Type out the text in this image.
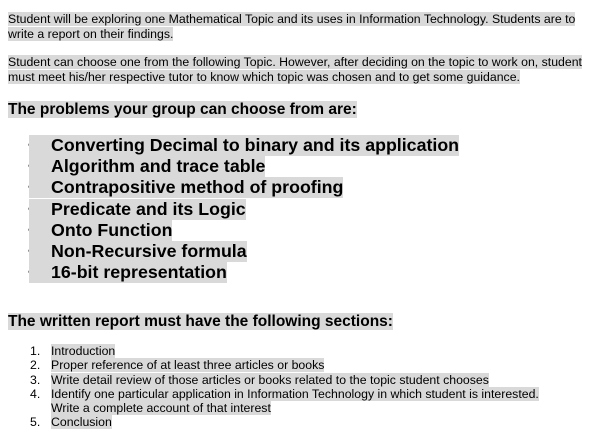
Student will be exploring one Mathematical Topic and its uses in Information Technology. Students are to write a report on their findings.
Student can choose one from the following Topic. However, after deciding on the topic to work on, student must meet his/her respective tutor to know which topic was chosen and to get some guidance.
The problems your group can choose from are:
Converting Decimal to binary and its application
Algorithm and trace table
Contrapositive method of proofing
Predicate and its Logic
Onto Function
Non-Recursive formula
16-bit representation
The written report must have the following sections:
1. Introduction
2. Proper reference of at least three articles or books
3. Write detail review of those articles or books related to the topic student chooses
4. Identify one particular application in Information Technology in which student is interested.
Write a complete account of that interest
5. Conclusion
